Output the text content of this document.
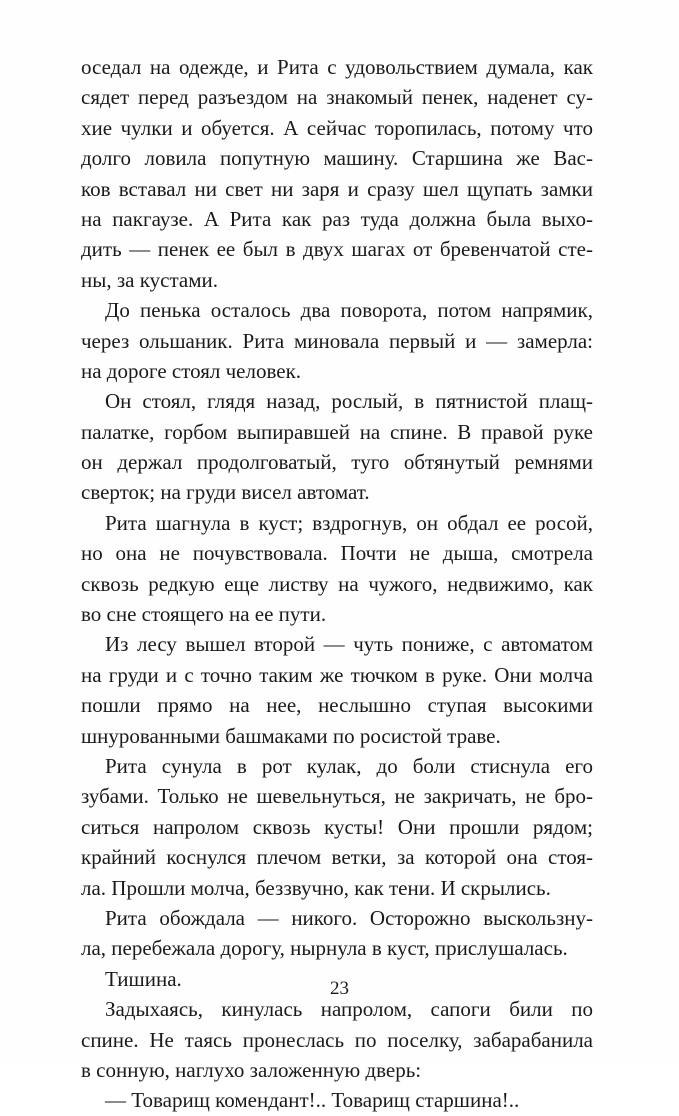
оседал на одежде, и Рита с удовольствием думала, как
сядет перед разъездом на знакомый пенек, наденет су-
хие чулки и обуется. А сейчас торопилась, потому что
долго ловила попутную машину. Старшина же Вас-
ков вставал ни свет ни заря и сразу шел щупать замки
на пакгаузе. А Рита как раз туда должна была выхо-
дить — пенек ее был в двух шагах от бревенчатой сте-
ны, за кустами.
До пенька осталось два поворота, потом напрямик,
через ольшаник. Рита миновала первый и — замерла:
на дороге стоял человек.
Он стоял, глядя назад, рослый, в пятнистой плащ-
палатке, горбом выпиравшей на спине. В правой руке
он держал продолговатый, туго обтянутый ремнями
сверток; на груди висел автомат.
Рита шагнула в куст; вздрогнув, он обдал ее росой,
но она не почувствовала. Почти не дыша, смотрела
сквозь редкую еще листву на чужого, недвижимо, как
во сне стоящего на ее пути.
Из лесу вышел второй — чуть пониже, с автоматом
на груди и с точно таким же тючком в руке. Они молча
пошли прямо на нее, неслышно ступая высокими
шнурованными башмаками по росистой траве.
Рита сунула в рот кулак, до боли стиснула его
зубами. Только не шевельнуться, не закричать, не бро-
ситься напролом сквозь кусты! Они прошли рядом;
крайний коснулся плечом ветки, за которой она стоя-
ла. Прошли молча, беззвучно, как тени. И скрылись.
Рита обождала — никого. Осторожно выскользну-
ла, перебежала дорогу, нырнула в куст, прислушалась.
Тишина.
Задыхаясь, кинулась напролом, сапоги били по
спине. Не таясь пронеслась по поселку, забарабанила
в сонную, наглухо заложенную дверь:
— Товарищ комендант!.. Товарищ старшина!..
23
